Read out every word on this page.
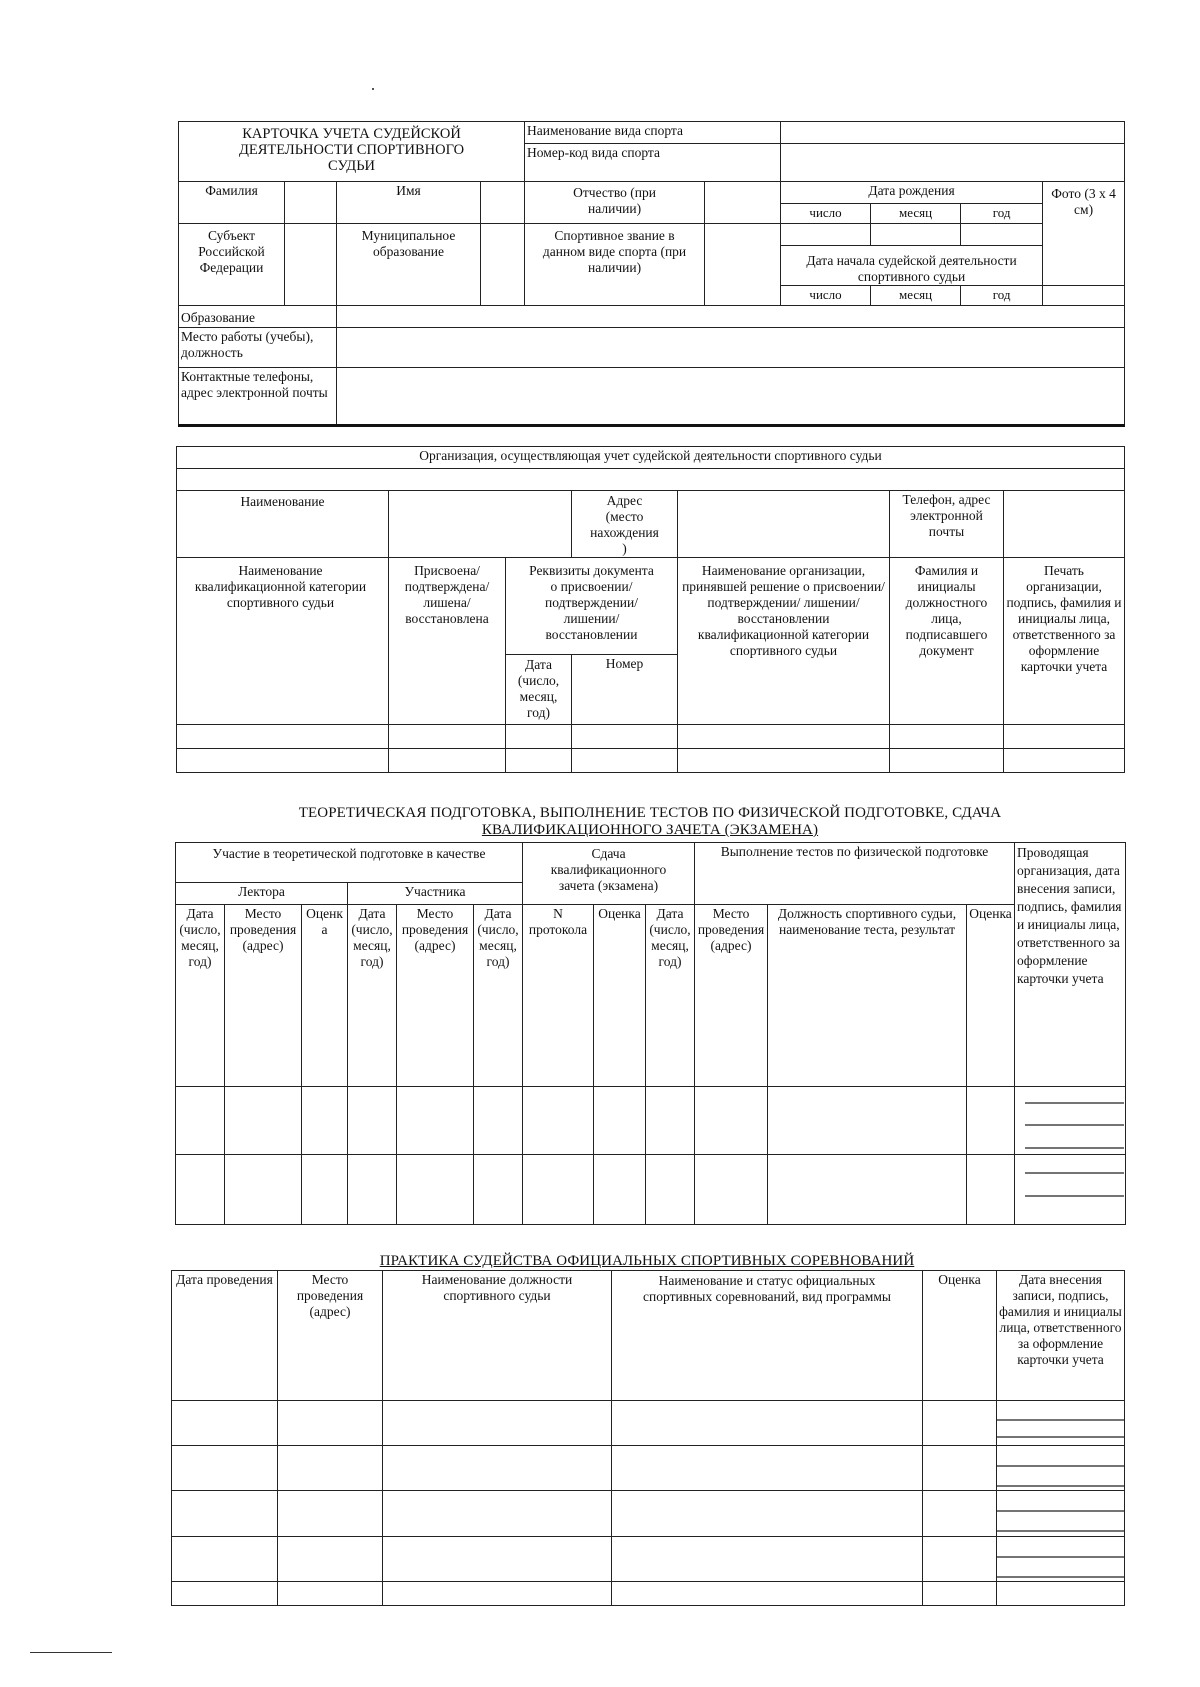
КАРТОЧКА УЧЕТА СУДЕЙСКОЙ ДЕЯТЕЛЬНОСТИ СПОРТИВНОГО СУДЬИ				Наименование вида спорта					
				Номер-код вида спорта					
Фамилия		Имя		Отчество (при наличии)		Дата рождения			Фото (3 х 4 см)
						число	месяц	год	
Субъект Российской Федерации		Муниципальное образование		Спортивное звание в данном виде спорта (при наличии)					
						Дата начала судейской деятельности спортивного судьи			
						число	месяц	год	
Образование									
Место работы (учебы), должность									
Контактные телефоны, адрес электронной почты									
Организация, осуществляющая учет судейской деятельности спортивного судьи						

Наименование			Адрес (место нахождения)		Телефон, адрес электронной почты	
Наименование квалификационной категории спортивного судьи	Присвоена/ подтверждена/ лишена/ восстановлена	Реквизиты документа о присвоении/ подтверждении/ лишении/ восстановлении		Наименование организации, принявшей решение о присвоении/ подтверждении/ лишении/ восстановлении квалификационной категории спортивного судьи	Фамилия и инициалы должностного лица, подписавшего документ	Печать организации, подпись, фамилия и инициалы лица, ответственного за оформление карточки учета
		Дата (число, месяц, год)	Номер			

ТЕОРЕТИЧЕСКАЯ ПОДГОТОВКА, ВЫПОЛНЕНИЕ ТЕСТОВ ПО ФИЗИЧЕСКОЙ ПОДГОТОВКЕ, СДАЧА
КВАЛИФИКАЦИОННОГО ЗАЧЕТА (ЭКЗАМЕНА)
Участие в теоретической подготовке в качестве						Сдача квалификационного зачета (экзамена)			Выполнение тестов по физической подготовке			Проводящая организация, дата внесения записи, подпись, фамилия и инициалы лица, ответственного за оформление карточки учета
Лектора			Участника									
Дата (число, месяц, год)	Место проведения (адрес)	Оценка	Дата (число, месяц, год)	Место проведения (адрес)	Дата (число, месяц, год)	N протокола	Оценка	Дата (число, месяц, год)	Место проведения (адрес)	Должность спортивного судьи, наименование теста, результат	Оценка	

ПРАКТИКА СУДЕЙСТВА ОФИЦИАЛЬНЫХ СПОРТИВНЫХ СОРЕВНОВАНИЙ
Дата проведения	Место проведения (адрес)	Наименование должности спортивного судьи	Наименование и статус официальных спортивных соревнований, вид программы	Оценка	Дата внесения записи, подпись, фамилия и инициалы лица, ответственного за оформление карточки учета
